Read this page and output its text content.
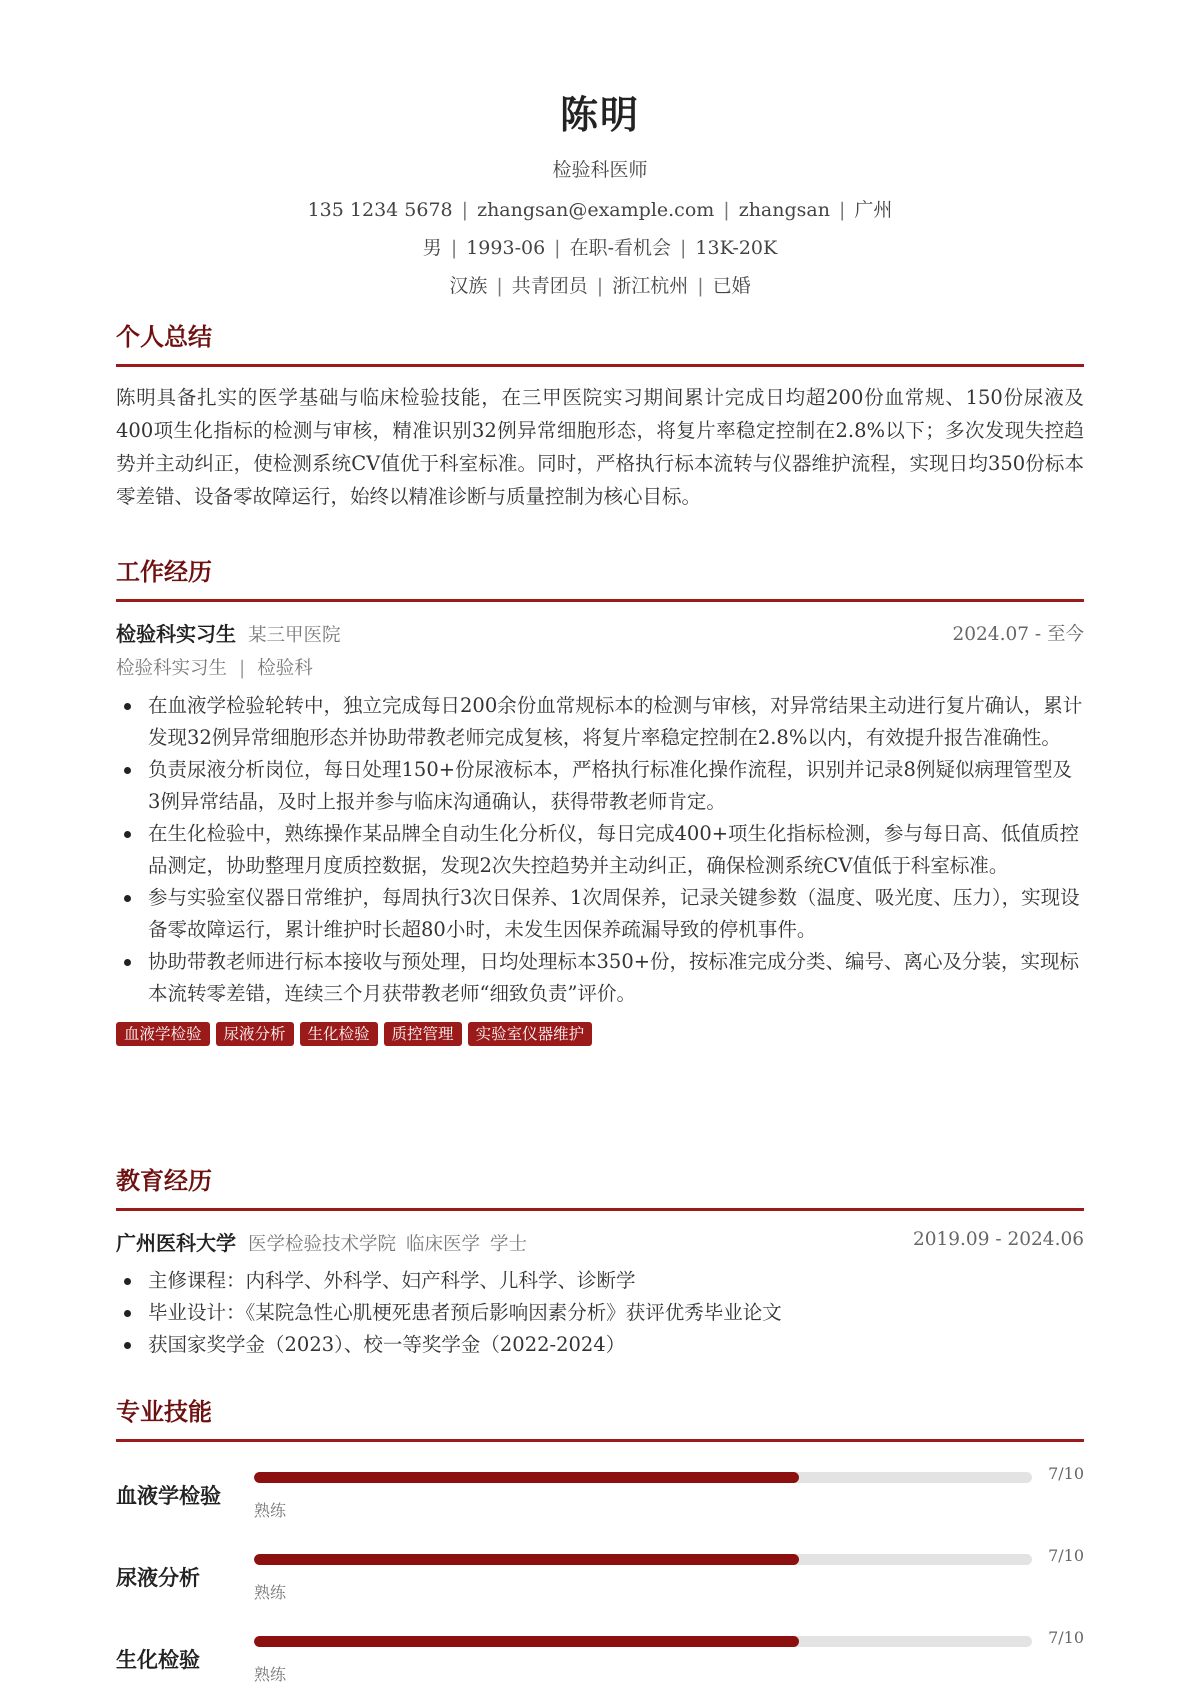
陈明
检验科医师
135 1234 5678 | zhangsan@example.com | zhangsan | 广州
男 | 1993-06 | 在职-看机会 | 13K-20K
汉族 | 共青团员 | 浙江杭州 | 已婚
个人总结
陈明具备扎实的医学基础与临床检验技能，在三甲医院实习期间累计完成日均超200份血常规、150份尿液及400项生化指标的检测与审核，精准识别32例异常细胞形态，将复片率稳定控制在2.8%以下；多次发现失控趋势并主动纠正，使检测系统CV值优于科室标准。同时，严格执行标本流转与仪器维护流程，实现日均350份标本零差错、设备零故障运行，始终以精准诊断与质量控制为核心目标。
工作经历
检验科实习生 某三甲医院	2024.07 - 至今
检验科实习生 | 检验科
在血液学检验轮转中，独立完成每日200余份血常规标本的检测与审核，对异常结果主动进行复片确认，累计发现32例异常细胞形态并协助带教老师完成复核，将复片率稳定控制在2.8%以内，有效提升报告准确性。
负责尿液分析岗位，每日处理150+份尿液标本，严格执行标准化操作流程，识别并记录8例疑似病理管型及3例异常结晶，及时上报并参与临床沟通确认，获得带教老师肯定。
在生化检验中，熟练操作某品牌全自动生化分析仪，每日完成400+项生化指标检测，参与每日高、低值质控品测定，协助整理月度质控数据，发现2次失控趋势并主动纠正，确保检测系统CV值低于科室标准。
参与实验室仪器日常维护，每周执行3次日保养、1次周保养，记录关键参数（温度、吸光度、压力），实现设备零故障运行，累计维护时长超80小时，未发生因保养疏漏导致的停机事件。
协助带教老师进行标本接收与预处理，日均处理标本350+份，按标准完成分类、编号、离心及分装，实现标本流转零差错，连续三个月获带教老师“细致负责”评价。
血液学检验	尿液分析	生化检验	质控管理	实验室仪器维护
教育经历
广州医科大学 医学检验技术学院 临床医学 学士	2019.09 - 2024.06
主修课程：内科学、外科学、妇产科学、儿科学、诊断学
毕业设计：《某院急性心肌梗死患者预后影响因素分析》获评优秀毕业论文
获国家奖学金（2023）、校一等奖学金（2022-2024）
专业技能
血液学检验
7/10
熟练
尿液分析
7/10
熟练
生化检验
7/10
熟练
